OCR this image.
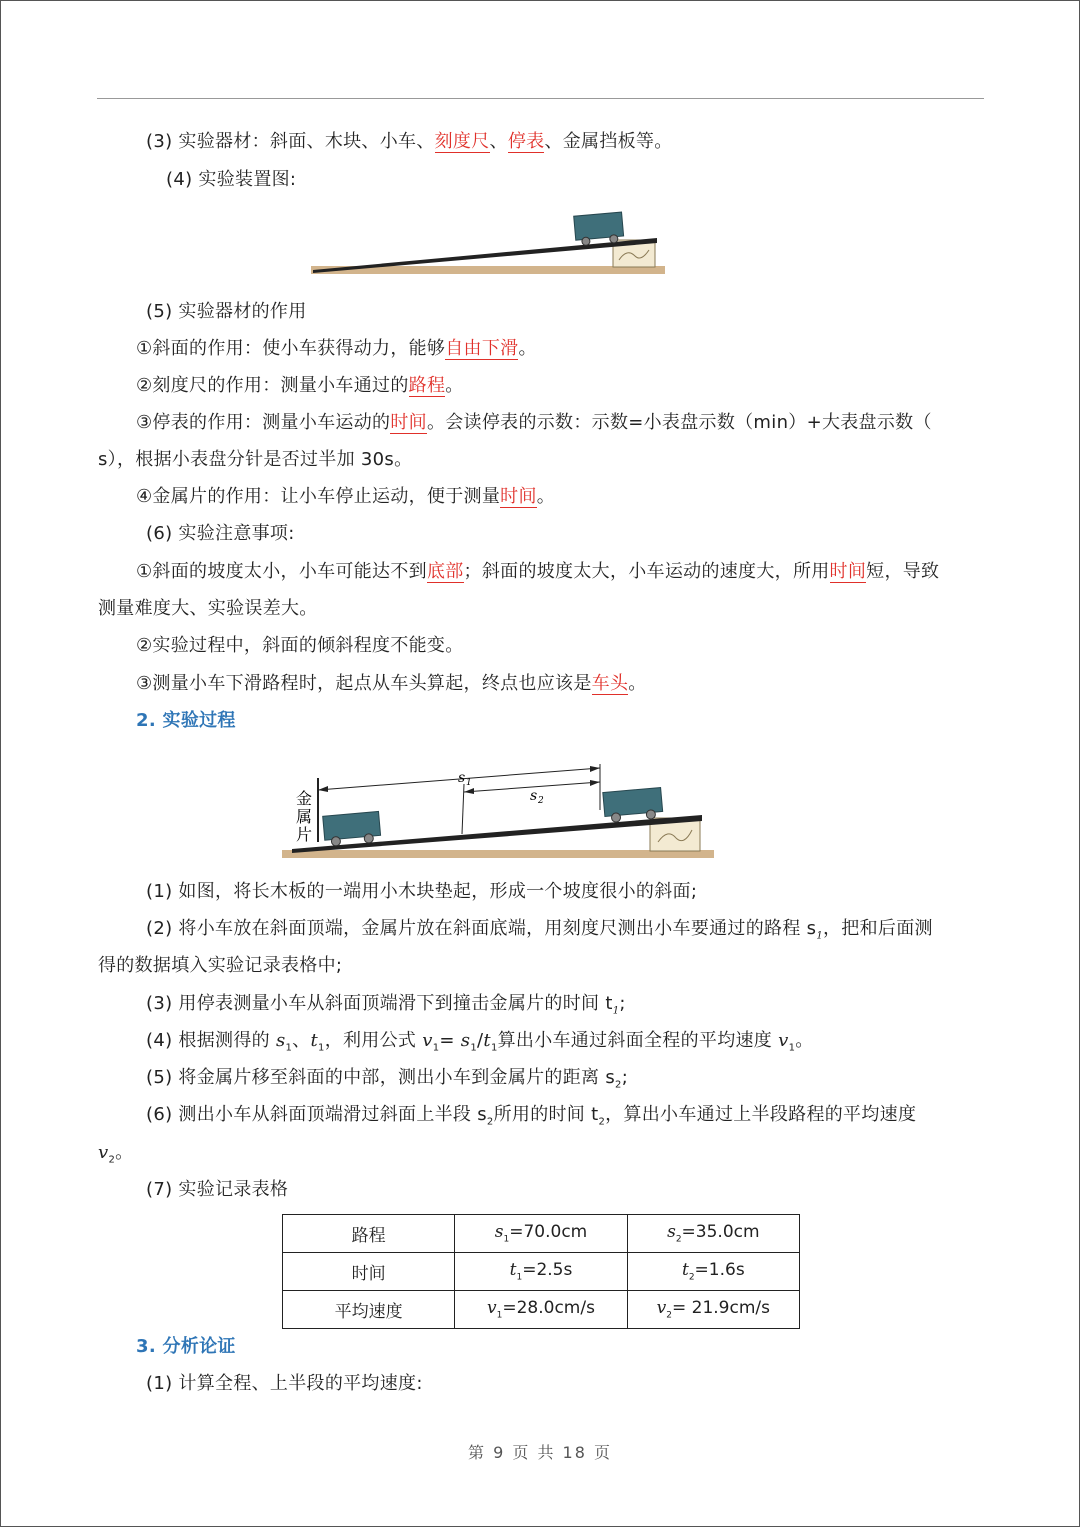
(3) 实验器材：斜面、木块、小车、刻度尺、停表、金属挡板等。
(4) 实验装置图:
(5) 实验器材的作用
①斜面的作用：使小车获得动力，能够自由下滑。
②刻度尺的作用：测量小车通过的路程。
③停表的作用：测量小车运动的时间。会读停表的示数：示数=小表盘示数（min）+大表盘示数（
s），根据小表盘分针是否过半加 30s。
④金属片的作用：让小车停止运动，便于测量时间。
(6) 实验注意事项:
①斜面的坡度太小，小车可能达不到底部；斜面的坡度太大，小车运动的速度大，所用时间短，导致
测量难度大、实验误差大。
②实验过程中，斜面的倾斜程度不能变。
③测量小车下滑路程时，起点从车头算起，终点也应该是车头。
2. 实验过程
s 1
s 2
金
属
片
(1) 如图，将长木板的一端用小木块垫起，形成一个坡度很小的斜面;
(2) 将小车放在斜面顶端，金属片放在斜面底端，用刻度尺测出小车要通过的路程 $s_1$，把和后面测
得的数据填入实验记录表格中;
(3) 用停表测量小车从斜面顶端滑下到撞击金属片的时间 $t_1$;
(4) 根据测得的 $s_1$、$t_1$，利用公式 $v_1= s_1/t_1$算出小车通过斜面全程的平均速度 $v_1$。
(5) 将金属片移至斜面的中部，测出小车到金属片的距离 $s_2$;
(6) 测出小车从斜面顶端滑过斜面上半段 $s_2$所用的时间 $t_2$，算出小车通过上半段路程的平均速度
$v_2$。
(7) 实验记录表格
路程	$s_1=70.0cm$	$s_2=35.0cm$
时间	$t_1=2.5s$	$t_2=1.6s$
平均速度	$v_1=28.0cm/s$	$v_2= 21.9cm/s$
3. 分析论证
(1) 计算全程、上半段的平均速度:
第 9 页 共 18 页
